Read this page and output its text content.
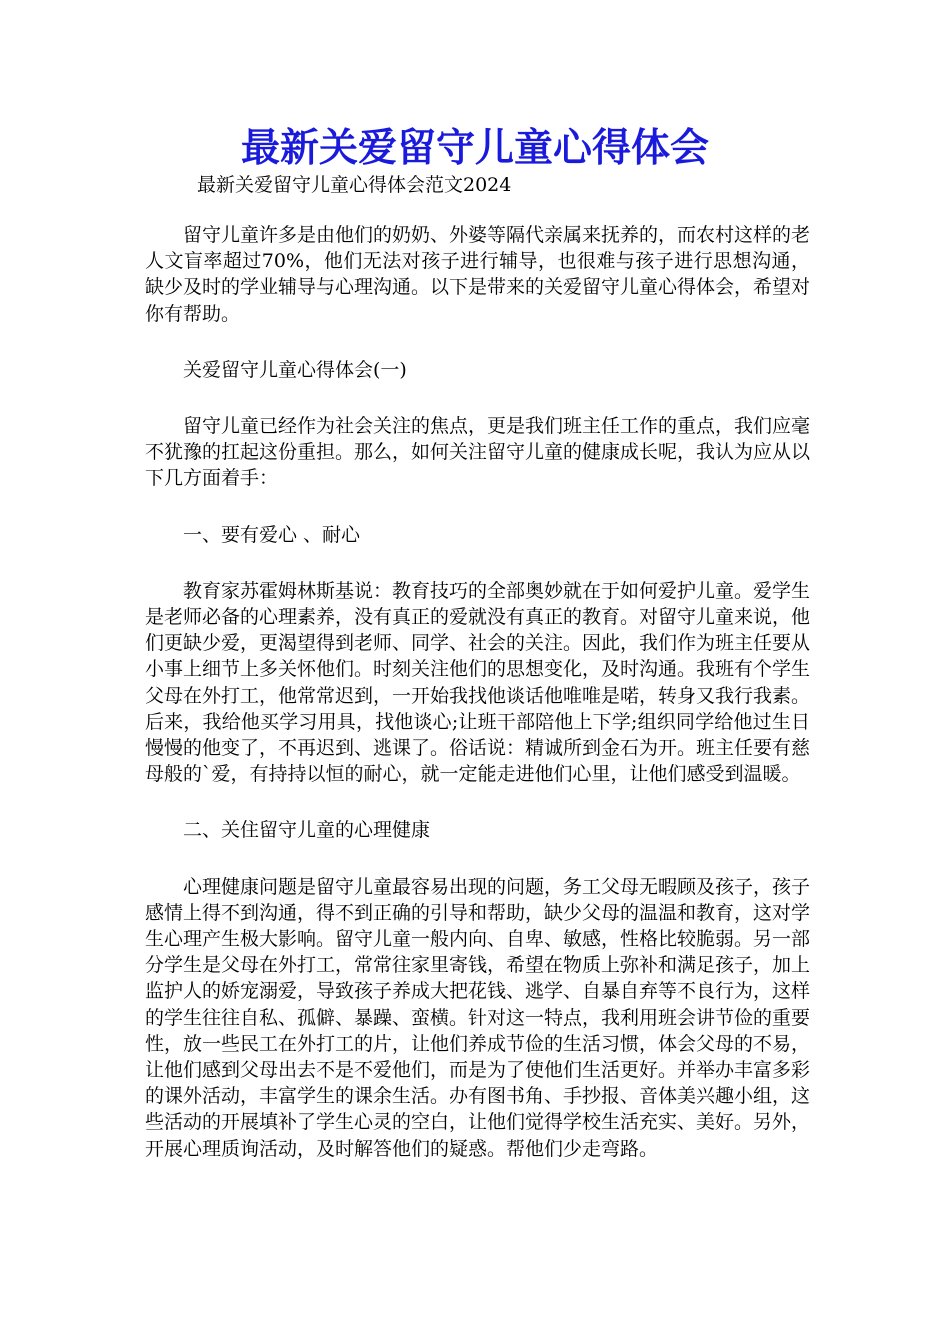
最新关爱留守儿童心得体会

最新关爱留守儿童心得体会范文2024

留守儿童许多是由他们的奶奶、外婆等隔代亲属来抚养的，而农村这样的老人文盲率超过70%，他们无法对孩子进行辅导，也很难与孩子进行思想沟通，缺少及时的学业辅导与心理沟通。以下是带来的关爱留守儿童心得体会，希望对你有帮助。

关爱留守儿童心得体会(一)

留守儿童已经作为社会关注的焦点，更是我们班主任工作的重点，我们应毫不犹豫的扛起这份重担。那么，如何关注留守儿童的健康成长呢，我认为应从以下几方面着手：

一、要有爱心 、耐心

教育家苏霍姆林斯基说：教育技巧的全部奥妙就在于如何爱护儿童。爱学生是老师必备的心理素养，没有真正的爱就没有真正的教育。对留守儿童来说，他们更缺少爱，更渴望得到老师、同学、社会的关注。因此，我们作为班主任要从小事上细节上多关怀他们。时刻关注他们的思想变化，及时沟通。我班有个学生父母在外打工，他常常迟到，一开始我找他谈话他唯唯是喏，转身又我行我素。后来，我给他买学习用具，找他谈心;让班干部陪他上下学;组织同学给他过生日慢慢的他变了，不再迟到、逃课了。俗话说：精诚所到金石为开。班主任要有慈母般的`爱，有持持以恒的耐心，就一定能走进他们心里，让他们感受到温暖。

二、关住留守儿童的心理健康

心理健康问题是留守儿童最容易出现的问题，务工父母无暇顾及孩子，孩子感情上得不到沟通，得不到正确的引导和帮助，缺少父母的温温和教育，这对学生心理产生极大影响。留守儿童一般内向、自卑、敏感，性格比较脆弱。另一部分学生是父母在外打工，常常往家里寄钱，希望在物质上弥补和满足孩子，加上监护人的娇宠溺爱，导致孩子养成大把花钱、逃学、自暴自弃等不良行为，这样的学生往往自私、孤僻、暴躁、蛮横。针对这一特点，我利用班会讲节俭的重要性，放一些民工在外打工的片，让他们养成节俭的生活习惯，体会父母的不易，让他们感到父母出去不是不爱他们，而是为了使他们生活更好。并举办丰富多彩的课外活动，丰富学生的课余生活。办有图书角、手抄报、音体美兴趣小组，这些活动的开展填补了学生心灵的空白，让他们觉得学校生活充实、美好。另外，开展心理质询活动，及时解答他们的疑惑。帮他们少走弯路。
